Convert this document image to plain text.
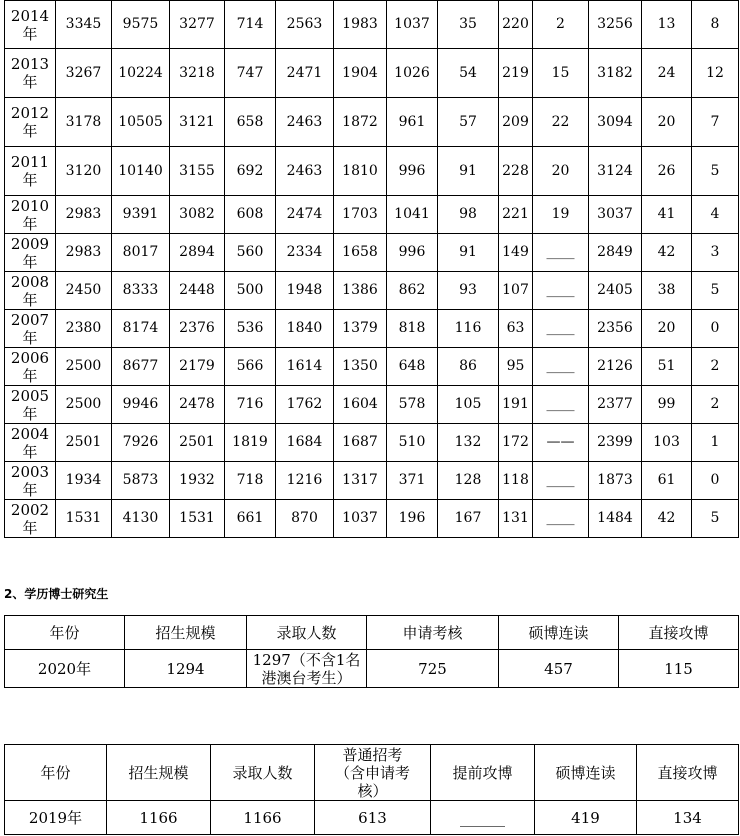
2014
年	3345	9575	3277	714	2563	1983	1037	35	220	2	3256	13	8
2013
年	3267	10224	3218	747	2471	1904	1026	54	219	15	3182	24	12
2012
年	3178	10505	3121	658	2463	1872	961	57	209	22	3094	20	7
2011
年	3120	10140	3155	692	2463	1810	996	91	228	20	3124	26	5
2010
年	2983	9391	3082	608	2474	1703	1041	98	221	19	3037	41	4
2009
年	2983	8017	2894	560	2334	1658	996	91	149	____	2849	42	3
2008
年	2450	8333	2448	500	1948	1386	862	93	107	____	2405	38	5
2007
年	2380	8174	2376	536	1840	1379	818	116	63	____	2356	20	0
2006
年	2500	8677	2179	566	1614	1350	648	86	95	____	2126	51	2
2005
年	2500	9946	2478	716	1762	1604	578	105	191	____	2377	99	2
2004
年	2501	7926	2501	1819	1684	1687	510	132	172	——	2399	103	1
2003
年	1934	5873	1932	718	1216	1317	371	128	118	____	1873	61	0
2002
年	1531	4130	1531	661	870	1037	196	167	131	____	1484	42	5
2、学历博士研究生
年份	招生规模	录取人数	申请考核	硕博连读	直接攻博
2020年	1294	1297（不含1名
港澳台考生）	725	457	115
年份	招生规模	录取人数	普通招考
（含申请考
核）	提前攻博	硕博连读	直接攻博
2019年	1166	1166	613	______	419	134
